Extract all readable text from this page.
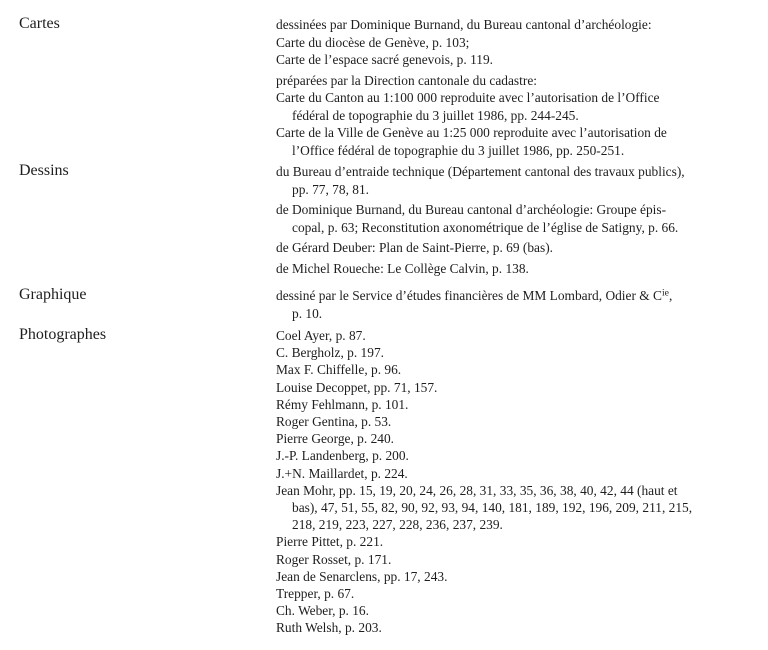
Cartes	dessinées par Dominique Burnand, du Bureau cantonal d’archéologie:
Carte du diocèse de Genève, p. 103;
Carte de l’espace sacré genevois, p. 119.
préparées par la Direction cantonale du cadastre:
Carte du Canton au 1:100 000 reproduite avec l’autorisation de l’Office
fédéral de topographie du 3 juillet 1986, pp. 244-245.
Carte de la Ville de Genève au 1:25 000 reproduite avec l’autorisation de
l’Office fédéral de topographie du 3 juillet 1986, pp. 250-251.
Dessins	du Bureau d’entraide technique (Département cantonal des travaux publics),
pp. 77, 78, 81.
de Dominique Burnand, du Bureau cantonal d’archéologie: Groupe épis-
copal, p. 63; Reconstitution axonométrique de l’église de Satigny, p. 66.
de Gérard Deuber: Plan de Saint-Pierre, p. 69 (bas).
de Michel Roueche: Le Collège Calvin, p. 138.
Graphique	dessiné par le Service d’études financières de MM Lombard, Odier & $C^{ie}$,
p. 10.
Photographes	Coel Ayer, p. 87.
C. Bergholz, p. 197.
Max F. Chiffelle, p. 96.
Louise Decoppet, pp. 71, 157.
Rémy Fehlmann, p. 101.
Roger Gentina, p. 53.
Pierre George, p. 240.
J.-P. Landenberg, p. 200.
J.+N. Maillardet, p. 224.
Jean Mohr, pp. 15, 19, 20, 24, 26, 28, 31, 33, 35, 36, 38, 40, 42, 44 (haut et
bas), 47, 51, 55, 82, 90, 92, 93, 94, 140, 181, 189, 192, 196, 209, 211, 215,
218, 219, 223, 227, 228, 236, 237, 239.
Pierre Pittet, p. 221.
Roger Rosset, p. 171.
Jean de Senarclens, pp. 17, 243.
Trepper, p. 67.
Ch. Weber, p. 16.
Ruth Welsh, p. 203.
